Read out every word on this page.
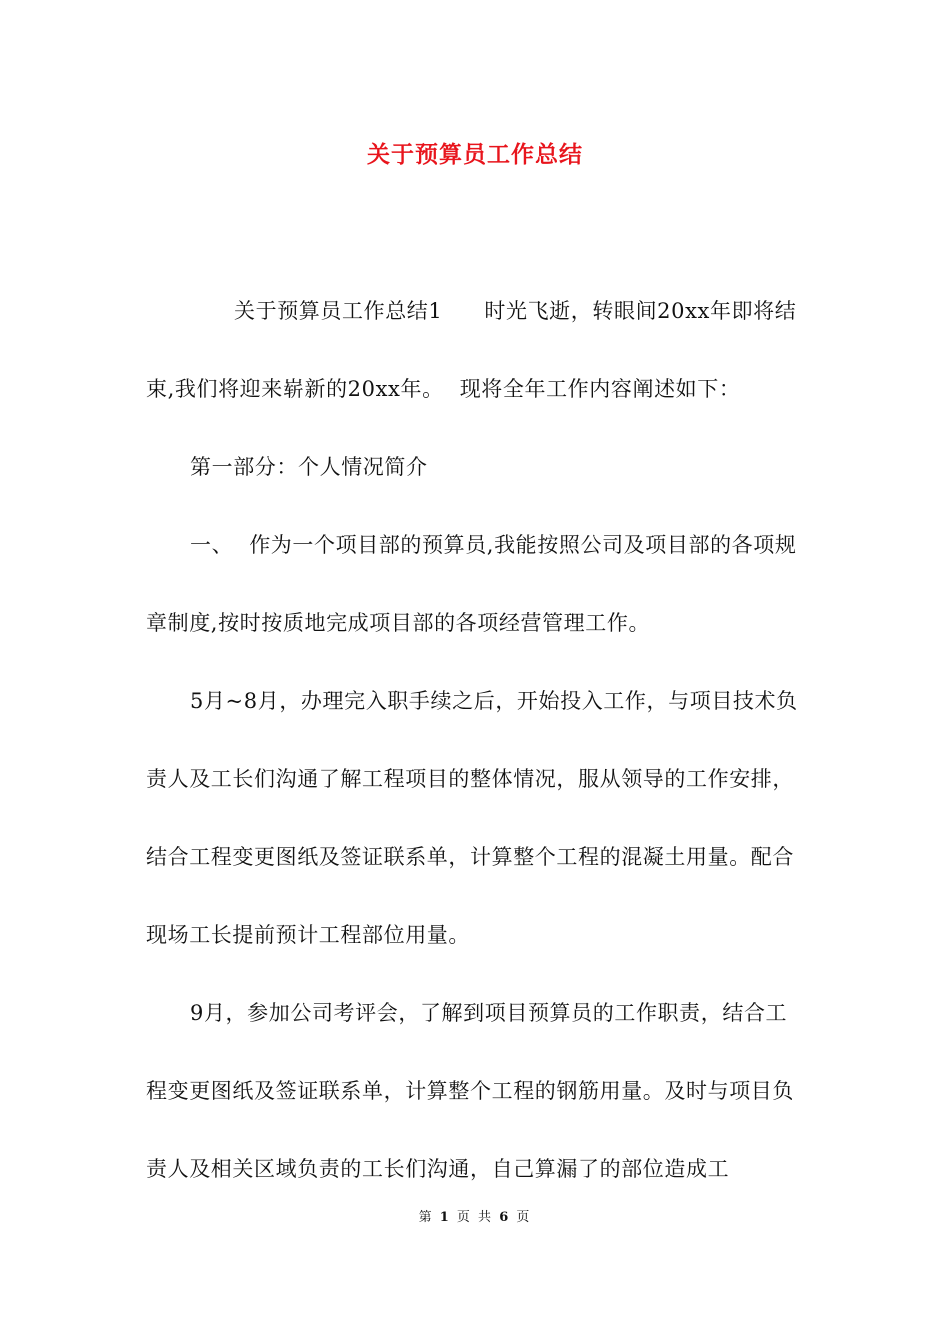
关于预算员工作总结

关于预算员工作总结1 时光飞逝，转眼间20xx年即将结束,我们将迎来崭新的20xx年。 现将全年工作内容阐述如下：

第一部分：个人情况简介

一、 作为一个项目部的预算员,我能按照公司及项目部的各项规章制度,按时按质地完成项目部的各项经营管理工作。

5月~8月，办理完入职手续之后，开始投入工作，与项目技术负责人及工长们沟通了解工程项目的整体情况，服从领导的工作安排，结合工程变更图纸及签证联系单，计算整个工程的混凝土用量。配合现场工长提前预计工程部位用量。

9月，参加公司考评会，了解到项目预算员的工作职责，结合工程变更图纸及签证联系单，计算整个工程的钢筋用量。及时与项目负责人及相关区域负责的工长们沟通，自己算漏了的部位造成工

第 1 页 共 6 页
